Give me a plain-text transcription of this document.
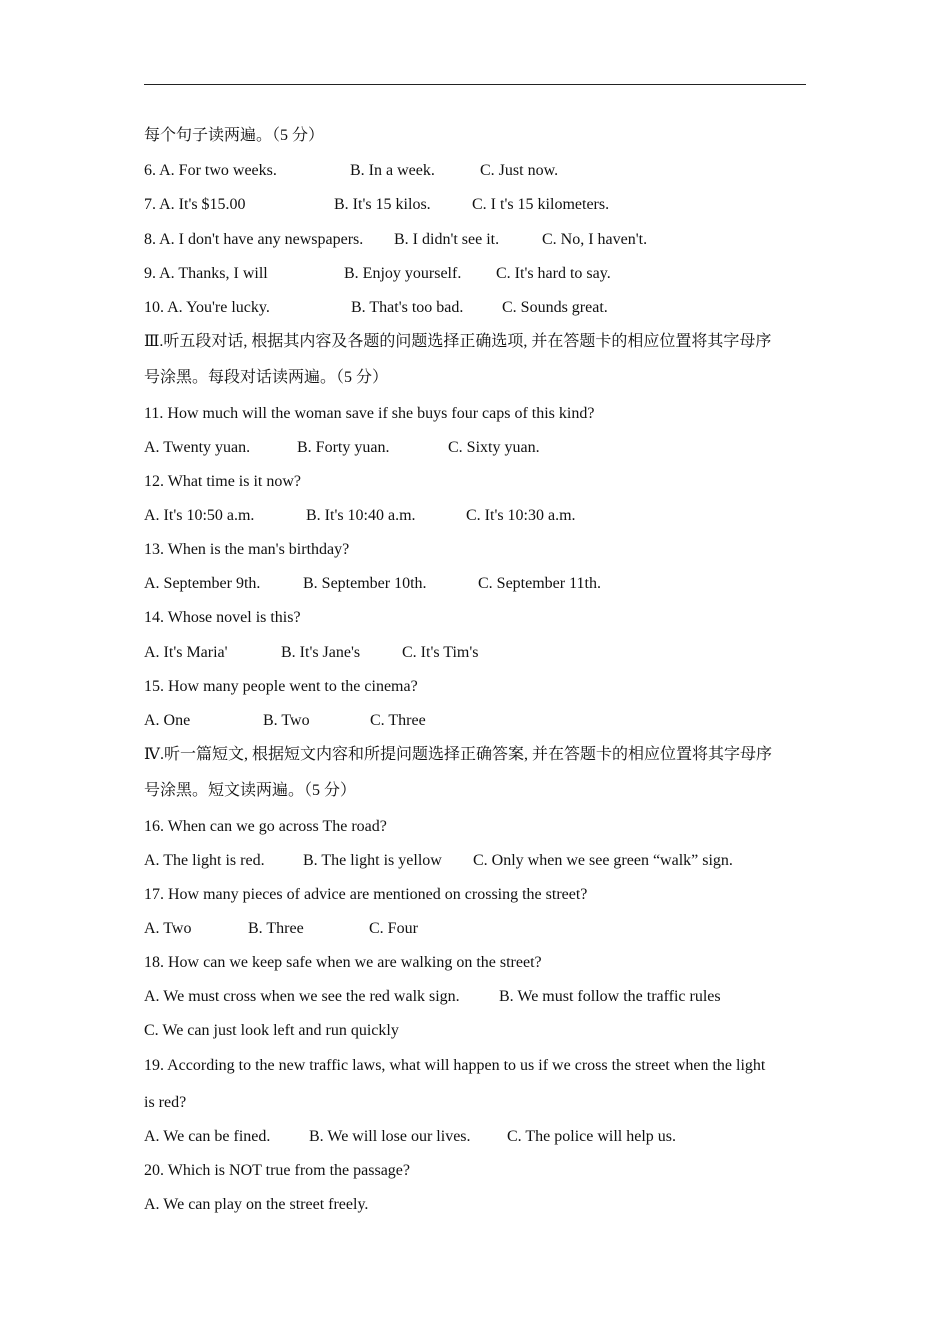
每个句子读两遍。（5 分）
6. A. For two weeks.	B. In a week.	C. Just now.
7. A. It's $15.00	B. It's 15 kilos.	C. I t's 15 kilometers.
8. A. I don't have any newspapers. B. I didn't see it.	C. No, I haven't.
9. A. Thanks, I will	B. Enjoy yourself. C. It's hard to say.
10. A. You're lucky.	B. That's too bad. C. Sounds great.
Ⅲ.听五段对话, 根据其内容及各题的问题选择正确选项, 并在答题卡的相应位置将其字母序
号涂黑。每段对话读两遍。（5 分）
11. How much will the woman save if she buys four caps of this kind?
A. Twenty yuan.	B. Forty yuan.	C. Sixty yuan.
12. What time is it now?
A. It's 10:50 a.m.	B. It's 10:40 a.m.	C. It's 10:30 a.m.
13. When is the man's birthday?
A. September 9th.	B. September 10th.	C. September 11th.
14. Whose novel is this?
A. It's Maria'	B. It's Jane's	C. It's Tim's
15. How many people went to the cinema?
A. One	B. Two	C. Three
Ⅳ.听一篇短文, 根据短文内容和所提问题选择正确答案, 并在答题卡的相应位置将其字母序
号涂黑。短文读两遍。（5 分）
16. When can we go across The road?
A. The light is red. B. The light is yellow C. Only when we see green “walk” sign.
17. How many pieces of advice are mentioned on crossing the street?
A. Two	B. Three	C. Four
18. How can we keep safe when we are walking on the street?
A. We must cross when we see the red walk sign. B. We must follow the traffic rules
C. We can just look left and run quickly
19. According to the new traffic laws, what will happen to us if we cross the street when the light
is red?
A. We can be fined. B. We will lose our lives. C. The police will help us.
20. Which is NOT true from the passage?
A. We can play on the street freely.
